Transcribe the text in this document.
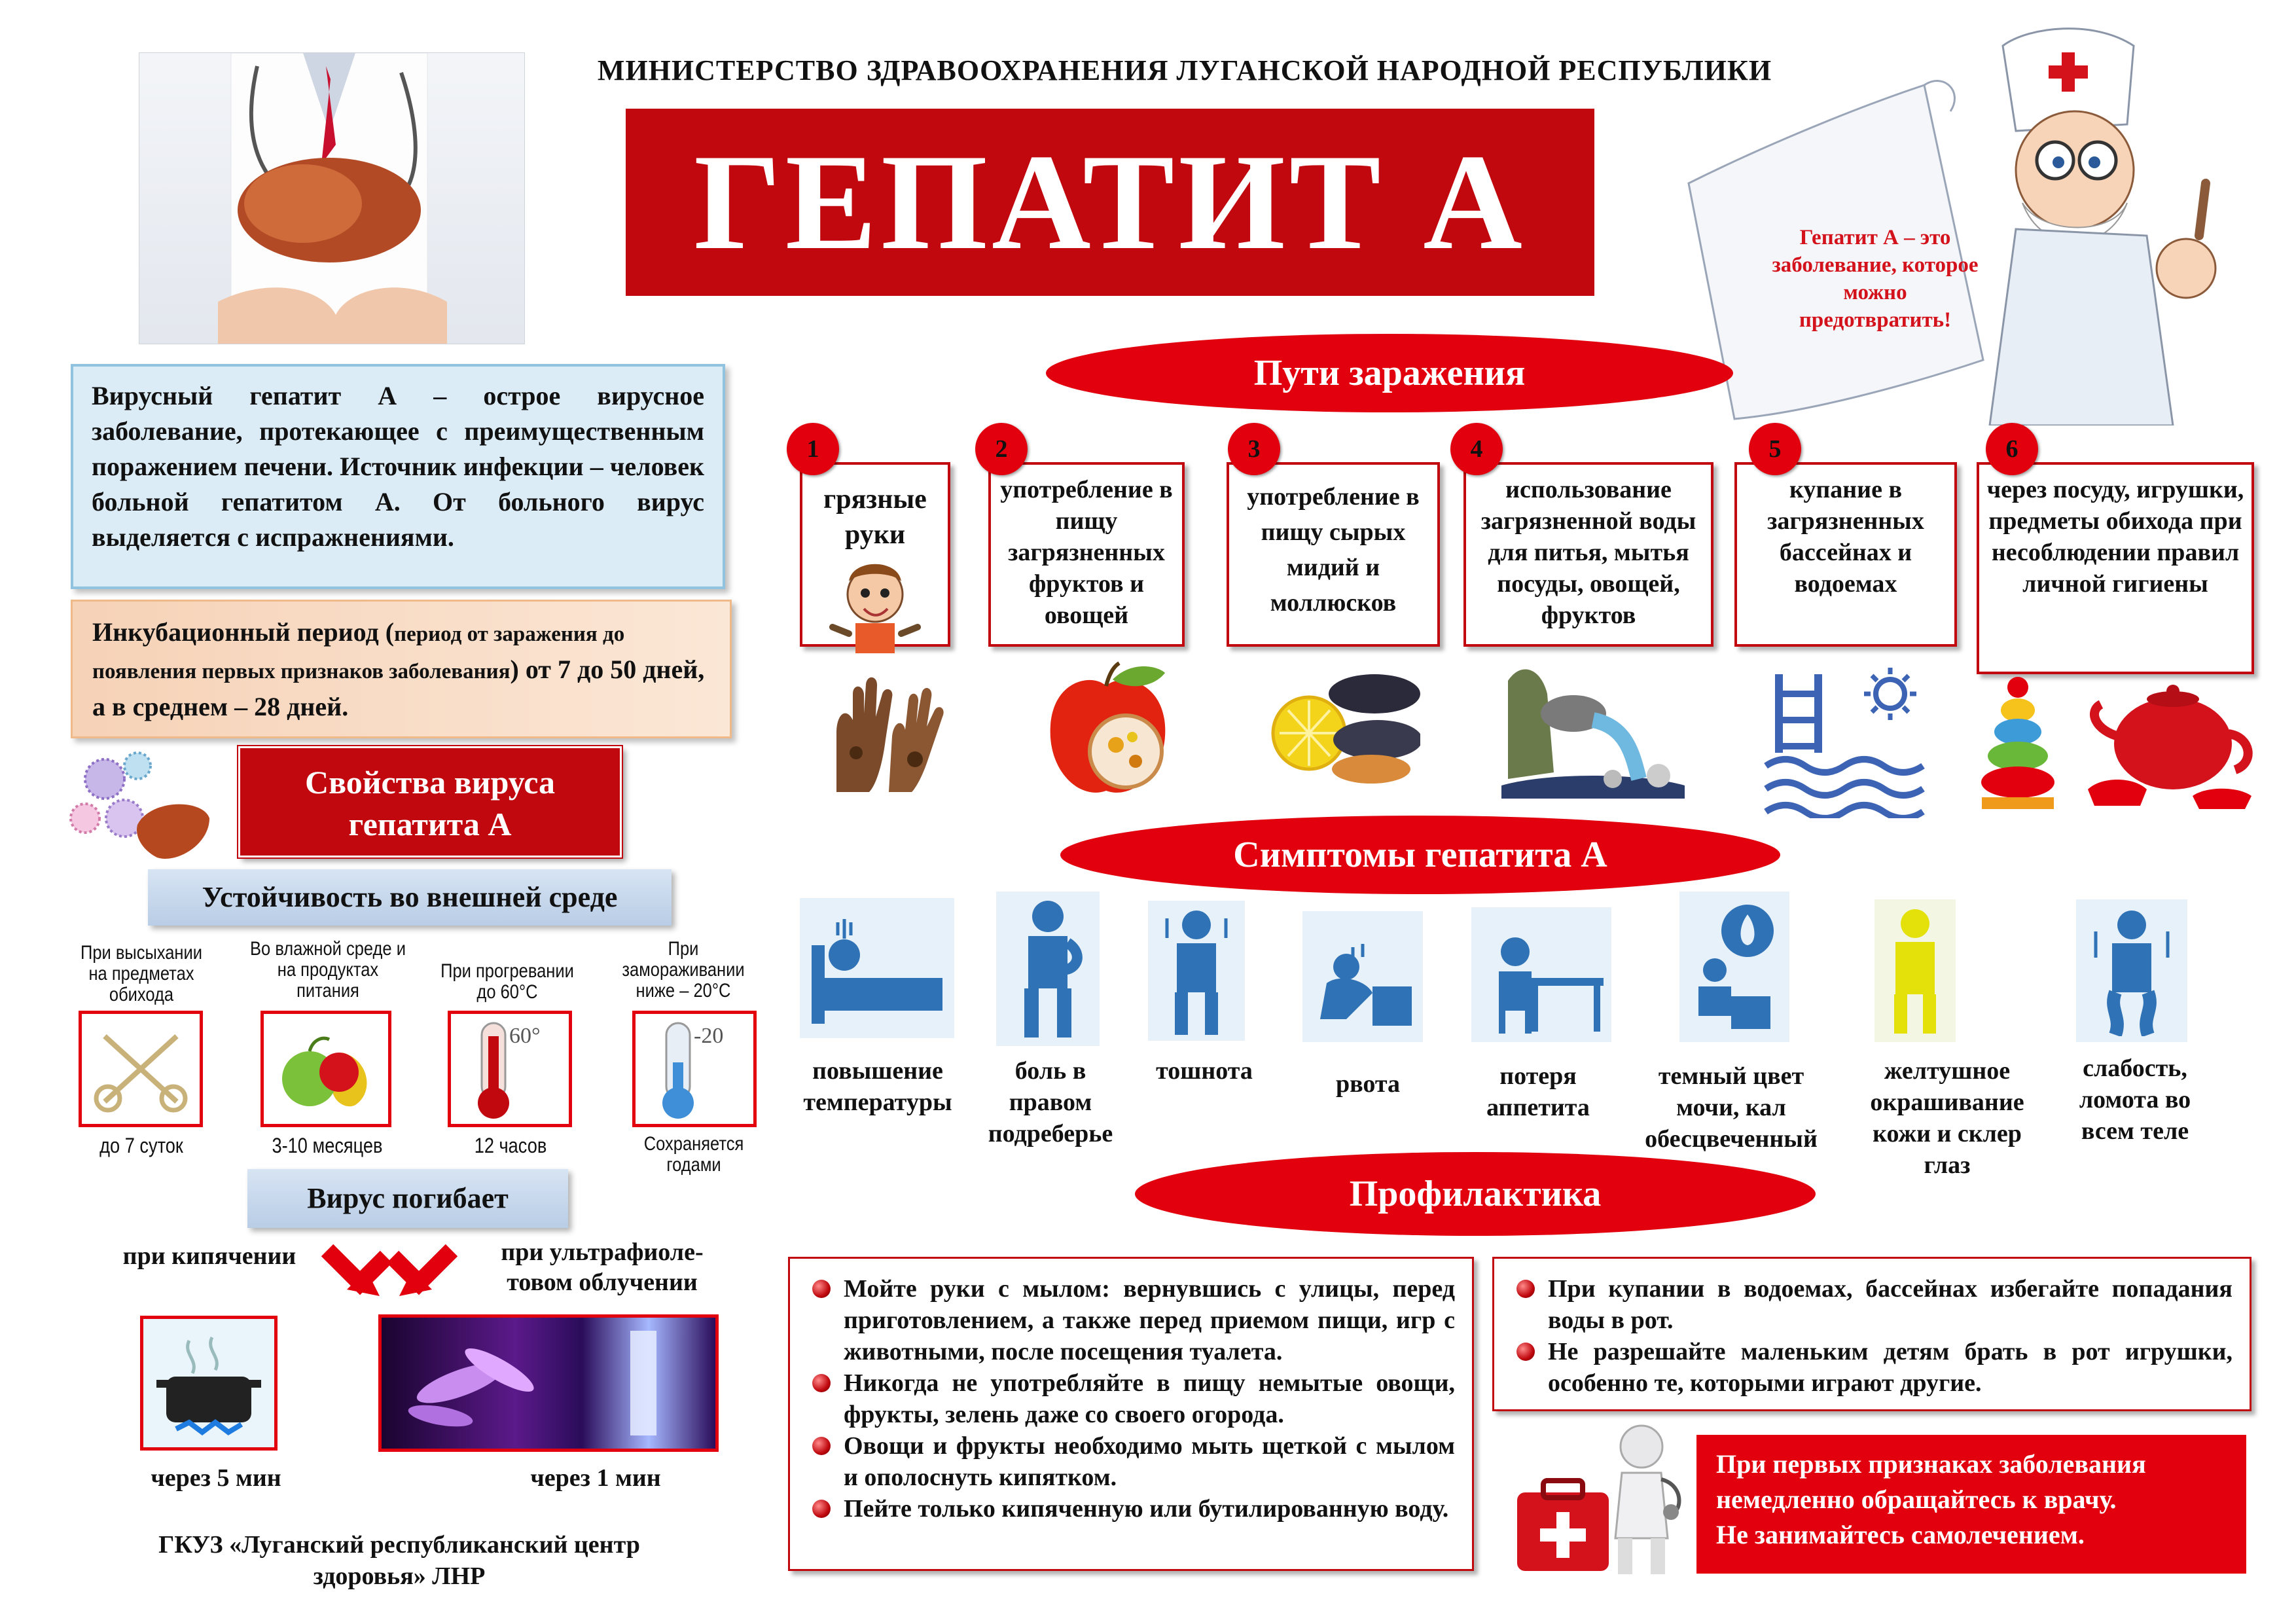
МИНИСТЕРСТВО ЗДРАВООХРАНЕНИЯ ЛУГАНСКОЙ НАРОДНОЙ РЕСПУБЛИКИ
ГЕПАТИТ А	Гепатит А – это заболевание, которое можно предотвратить!
Вирусный гепатит А – острое вирусное заболевание, протекающее с преимущественным поражением печени. Источник инфекции – человек больной гепатитом А. От больного вирус выделяется с испражнениями.
Инкубационный период (период от заражения до появления первых признаков заболевания) от 7 до 50 дней, а в среднем – 28 дней.
Свойства вируса гепатита А
Устойчивость во внешней среде
При высыхании на предметах обихода
до 7 суток
Во влажной среде и на продуктах питания
3-10 месяцев
При прогревании до 60°С
60°
12 часов
При замораживании ниже – 20°С
-20
Сохраняется годами
Вирус погибает
при кипячении	при ультрафиоле-товом облучении
через 5 мин	через 1 мин
ГКУЗ «Луганский республиканский центр здоровья» ЛНР
Пути заражения
грязные руки
1
употребление в пищу загрязненных фруктов и овощей
2
употребление в пищу сырых мидий и моллюсков
3
использование загрязненной воды для питья, мытья посуды, овощей, фруктов
4
купание в загрязненных бассейнах и водоемах
5
через посуду, игрушки, предметы обихода при несоблюдении правил личной гигиены
6
Симптомы гепатита А
повышение температуры
боль в правом подреберье
тошнота	рвота	потеря аппетита
темный цвет мочи, кал обесцвеченный
желтушное окрашивание кожи и склер глаз
слабость, ломота во всем теле
Профилактика
Мойте руки с мылом: вернувшись с улицы, перед приготовлением, а также перед приемом пищи, игр с животными, после посещения туалета.
Никогда не употребляйте в пищу немытые овощи, фрукты, зелень даже со своего огорода.
Овощи и фрукты необходимо мыть щеткой с мылом и ополоснуть кипятком.
Пейте только кипяченную или бутилированную воду.
При купании в водоемах, бассейнах избегайте попадания воды в рот.
Не разрешайте маленьким детям брать в рот игрушки, особенно те, которыми играют другие.
При первых признаках заболевания
немедленно обращайтесь к врачу.
Не занимайтесь самолечением.
